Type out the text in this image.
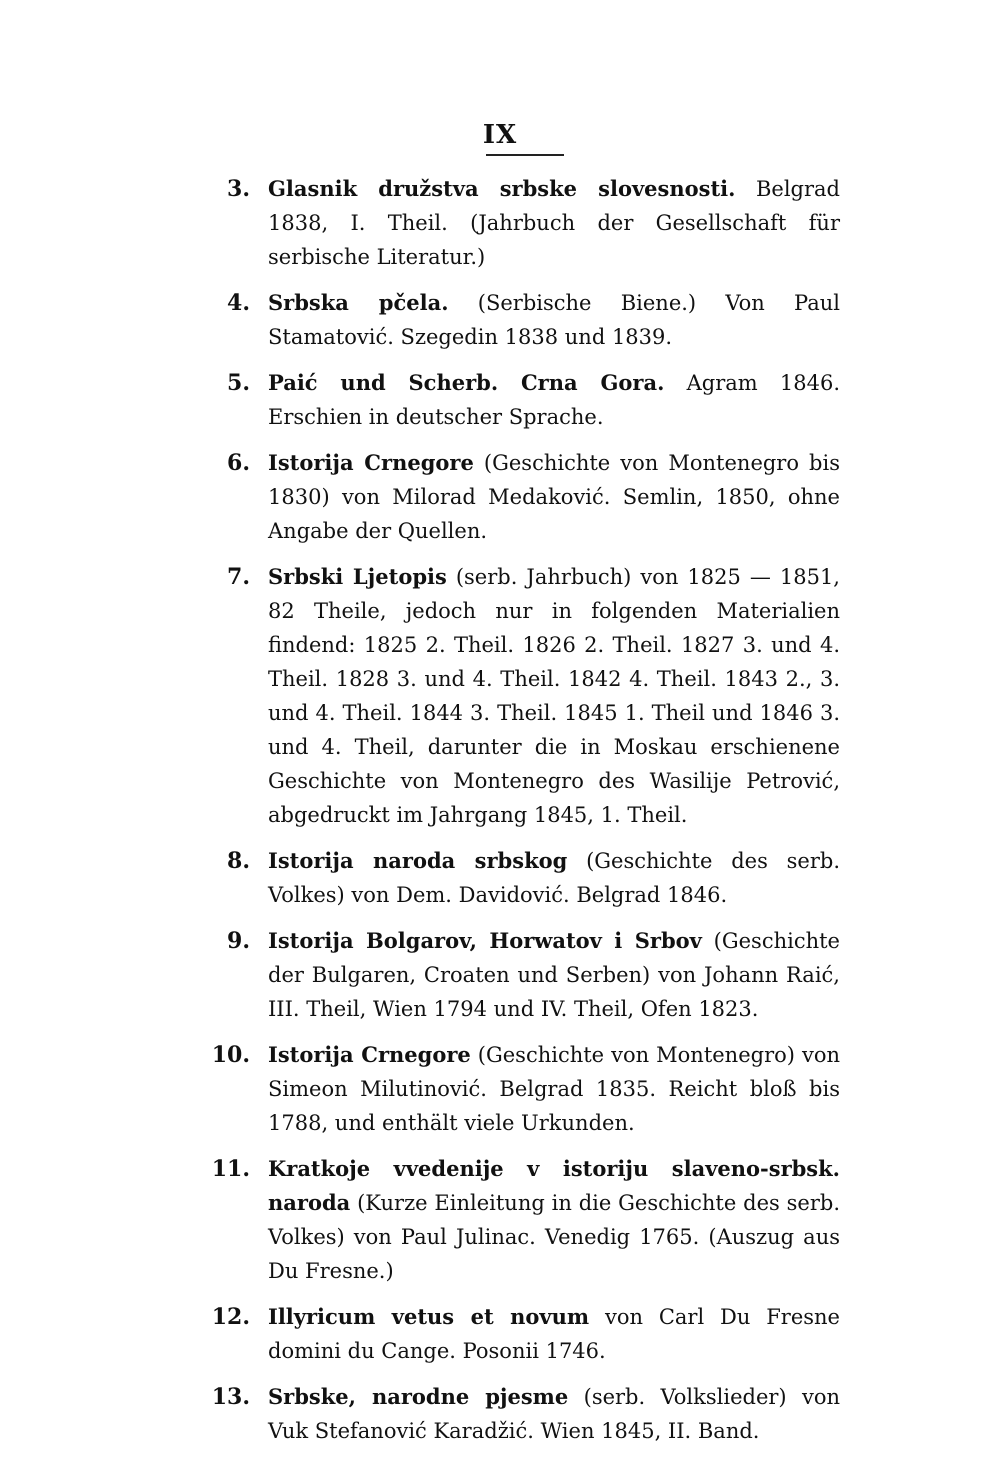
IX
3. Glasnik družstva srbske slovesnosti. Belgrad 1838, I. Theil. (Jahrbuch der Gesellschaft für serbische Literatur.)
4. Srbska pčela. (Serbische Biene.) Von Paul Stamatović. Szegedin 1838 und 1839.
5. Paić und Scherb. Crna Gora. Agram 1846. Erschien in deutscher Sprache.
6. Istorija Crnegore (Geschichte von Montenegro bis 1830) von Milorad Medaković. Semlin, 1850, ohne Angabe der Quellen.
7. Srbski Ljetopis (serb. Jahrbuch) von 1825 — 1851, 82 Theile, jedoch nur in folgenden Materialien findend: 1825 2. Theil. 1826 2. Theil. 1827 3. und 4. Theil. 1828 3. und 4. Theil. 1842 4. Theil. 1843 2., 3. und 4. Theil. 1844 3. Theil. 1845 1. Theil und 1846 3. und 4. Theil, darunter die in Moskau erschienene Geschichte von Montenegro des Wasilije Petrović, abgedruckt im Jahrgang 1845, 1. Theil.
8. Istorija naroda srbskog (Geschichte des serb. Volkes) von Dem. Davidović. Belgrad 1846.
9. Istorija Bolgarov, Horwatov i Srbov (Geschichte der Bulgaren, Croaten und Serben) von Johann Raić, III. Theil, Wien 1794 und IV. Theil, Ofen 1823.
10. Istorija Crnegore (Geschichte von Montenegro) von Simeon Milutinović. Belgrad 1835. Reicht bloß bis 1788, und enthält viele Urkunden.
11. Kratkoje vvedenije v istoriju slaveno-srbsk. naroda (Kurze Einleitung in die Geschichte des serb. Volkes) von Paul Julinac. Venedig 1765. (Auszug aus Du Fresne.)
12. Illyricum vetus et novum von Carl Du Fresne domini du Cange. Posonii 1746.
13. Srbske, narodne pjesme (serb. Volkslieder) von Vuk Stefanović Karadžić. Wien 1845, II. Band.
